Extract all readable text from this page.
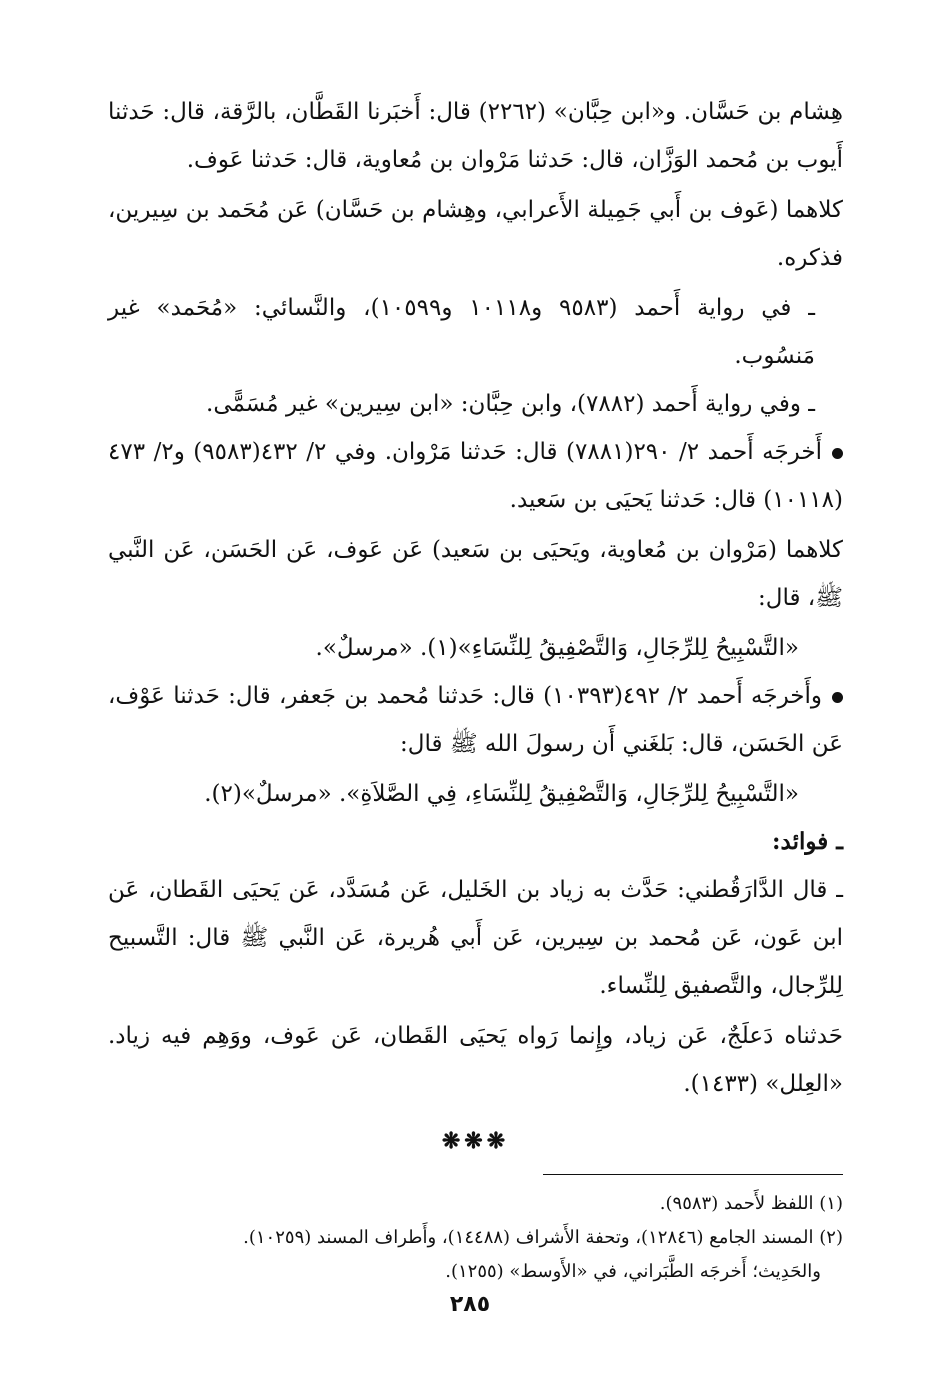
هِشام بن حَسَّان. و«ابن حِبَّان» (٢٢٦٢) قال: أَخبَرنا القَطَّان، بالرَّقة، قال: حَدثنا أَيوب بن مُحمد الوَزَّان، قال: حَدثنا مَرْوان بن مُعاوية، قال: حَدثنا عَوف.

كلاهما (عَوف بن أَبي جَمِيلة الأَعرابي، وهِشام بن حَسَّان) عَن مُحَمد بن سِيرين، فذكره.

ـ في رواية أَحمد (٩٥٨٣ و١٠١١٨ و١٠٥٩٩)، والنَّسائي: «مُحَمد» غير مَنسُوب.

ـ وفي رواية أَحمد (٧٨٨٢)، وابن حِبَّان: «ابن سِيرين» غير مُسَمًّى.

أَخرجَه أَحمد ٢/ ٢٩٠(٧٨٨١) قال: حَدثنا مَرْوان. وفي ٢/ ٤٣٢(٩٥٨٣) و٢/ ٤٧٣ (١٠١١٨) قال: حَدثنا يَحيَى بن سَعيد.

كلاهما (مَرْوان بن مُعاوية، ويَحيَى بن سَعيد) عَن عَوف، عَن الحَسَن، عَن النَّبي ﷺ، قال:

«التَّسْبِيحُ لِلرِّجَالِ، وَالتَّصْفِيقُ لِلنِّسَاءِ»(١). «مرسلٌ».

وأَخرجَه أَحمد ٢/ ٤٩٢(١٠٣٩٣) قال: حَدثنا مُحمد بن جَعفر، قال: حَدثنا عَوْف، عَن الحَسَن، قال: بَلغَني أَن رسولَ الله ﷺ قال:

«التَّسْبِيحُ لِلرِّجَالِ، وَالتَّصْفِيقُ لِلنِّسَاءِ، فِي الصَّلاَةِ». «مرسلٌ»(٢).

ـ فوائد:

ـ قال الدَّارَقُطني: حَدَّث به زياد بن الخَليل، عَن مُسَدَّد، عَن يَحيَى القَطان، عَن ابن عَون، عَن مُحمد بن سِيرين، عَن أَبي هُريرة، عَن النَّبي ﷺ قال: التَّسبيح لِلرِّجال، والتَّصفيق لِلنِّساء.

حَدثناه دَعلَجٌ، عَن زياد، وإِنما رَواه يَحيَى القَطان، عَن عَوف، ووَهِم فيه زياد. «العِلل» (١٤٣٣).

❋❋❋

(١) اللفظ لأَحمد (٩٥٨٣).

(٢) المسند الجامع (١٢٨٤٦)، وتحفة الأَشراف (١٤٤٨٨)، وأَطراف المسند (١٠٢٥٩).

والحَدِيث؛ أَخرجَه الطَّبَراني، في «الأَوسط» (١٢٥٥).

٢٨٥
